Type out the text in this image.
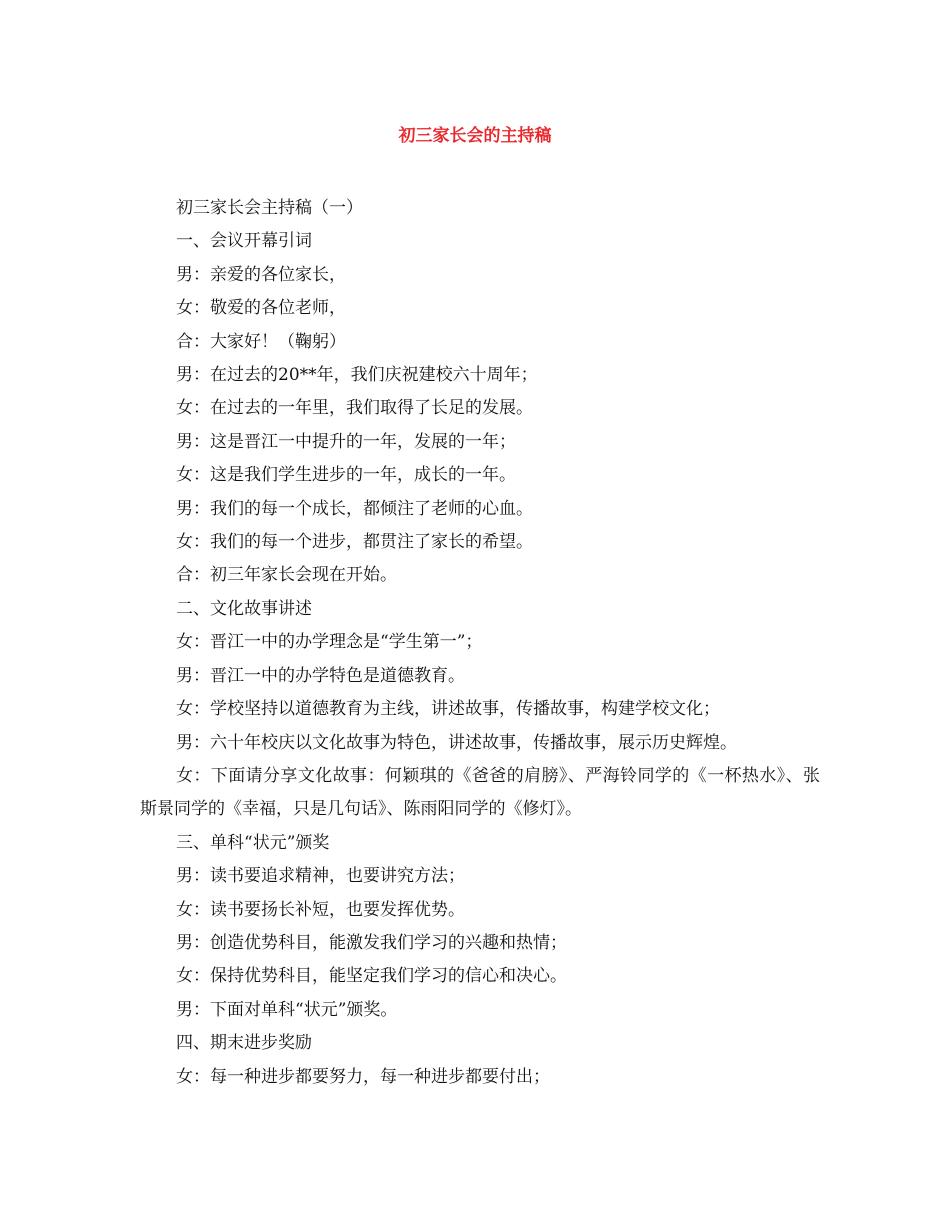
初三家长会的主持稿

初三家长会主持稿（一）

一、会议开幕引词

男：亲爱的各位家长，

女：敬爱的各位老师，

合：大家好！（鞠躬）

男：在过去的20**年，我们庆祝建校六十周年；

女：在过去的一年里，我们取得了长足的发展。

男：这是晋江一中提升的一年，发展的一年；

女：这是我们学生进步的一年，成长的一年。

男：我们的每一个成长，都倾注了老师的心血。

女：我们的每一个进步，都贯注了家长的希望。

合：初三年家长会现在开始。

二、文化故事讲述

女：晋江一中的办学理念是“学生第一”；

男：晋江一中的办学特色是道德教育。

女：学校坚持以道德教育为主线，讲述故事，传播故事，构建学校文化；

男：六十年校庆以文化故事为特色，讲述故事，传播故事，展示历史辉煌。

女：下面请分享文化故事：何颖琪的《爸爸的肩膀》、严海铃同学的《一杯热水》、张斯景同学的《幸福，只是几句话》、陈雨阳同学的《修灯》。

三、单科“状元”颁奖

男：读书要追求精神，也要讲究方法；

女：读书要扬长补短，也要发挥优势。

男：创造优势科目，能激发我们学习的兴趣和热情；

女：保持优势科目，能坚定我们学习的信心和决心。

男：下面对单科“状元”颁奖。

四、期末进步奖励

女：每一种进步都要努力，每一种进步都要付出；
